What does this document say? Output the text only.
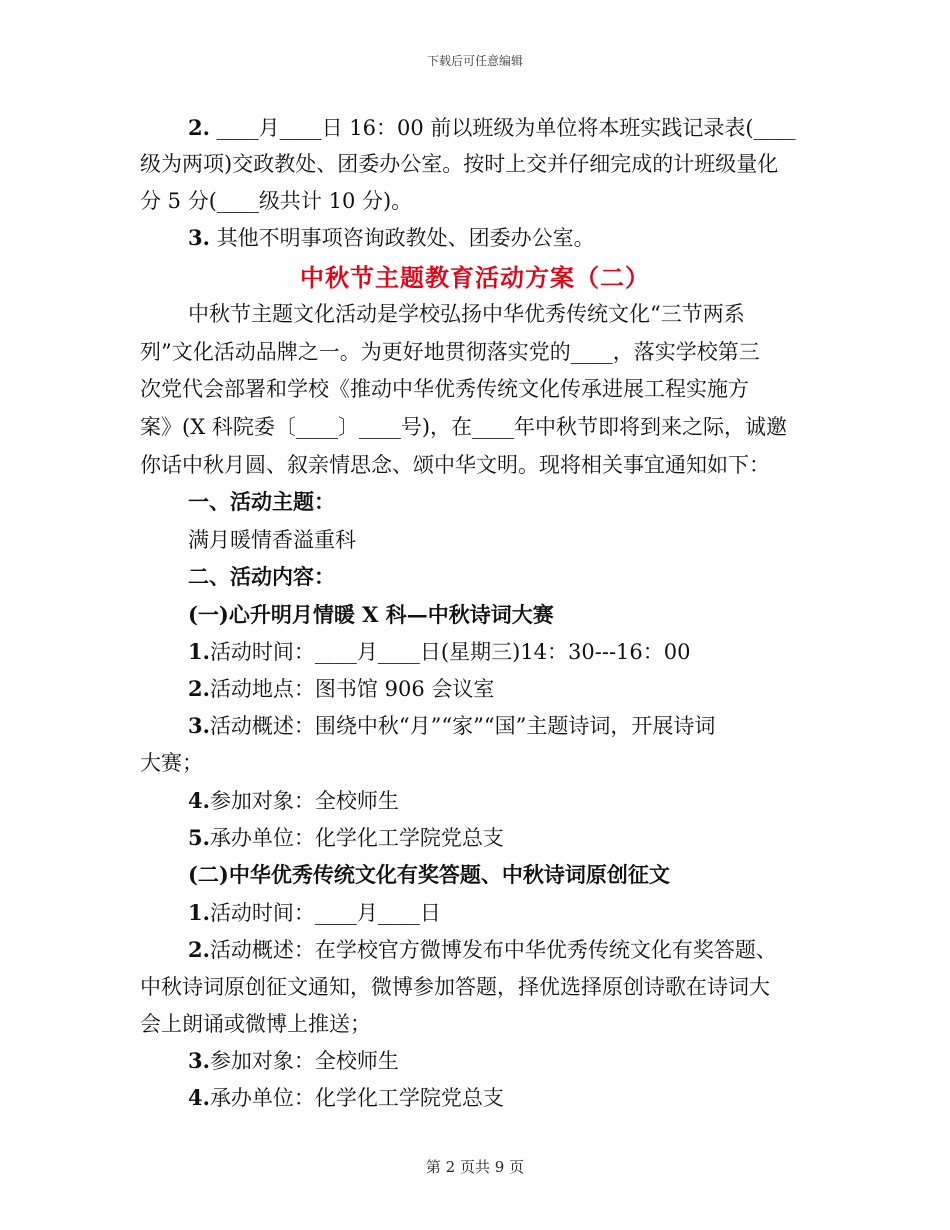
下载后可任意编辑
2. ____月____日 16：00 前以班级为单位将本班实践记录表(____
级为两项)交政教处、团委办公室。按时上交并仔细完成的计班级量化
分 5 分(____级共计 10 分)。
3. 其他不明事项咨询政教处、团委办公室。
中秋节主题教育活动方案（二）
中秋节主题文化活动是学校弘扬中华优秀传统文化“三节两系
列”文化活动品牌之一。为更好地贯彻落实党的____，落实学校第三
次党代会部署和学校《推动中华优秀传统文化传承进展工程实施方
案》(X 科院委〔____〕____号)，在____年中秋节即将到来之际，诚邀
你话中秋月圆、叙亲情思念、颂中华文明。现将相关事宜通知如下：
一、活动主题：
满月暖情香溢重科
二、活动内容：
(一)心升明月情暖 X 科—中秋诗词大赛
1.活动时间：____月____日(星期三)14：30---16：00
2.活动地点：图书馆 906 会议室
3.活动概述：围绕中秋“月”“家”“国”主题诗词，开展诗词
大赛；
4.参加对象：全校师生
5.承办单位：化学化工学院党总支
(二)中华优秀传统文化有奖答题、中秋诗词原创征文
1.活动时间：____月____日
2.活动概述：在学校官方微博发布中华优秀传统文化有奖答题、
中秋诗词原创征文通知，微博参加答题，择优选择原创诗歌在诗词大
会上朗诵或微博上推送；
3.参加对象：全校师生
4.承办单位：化学化工学院党总支
第 2 页共 9 页
